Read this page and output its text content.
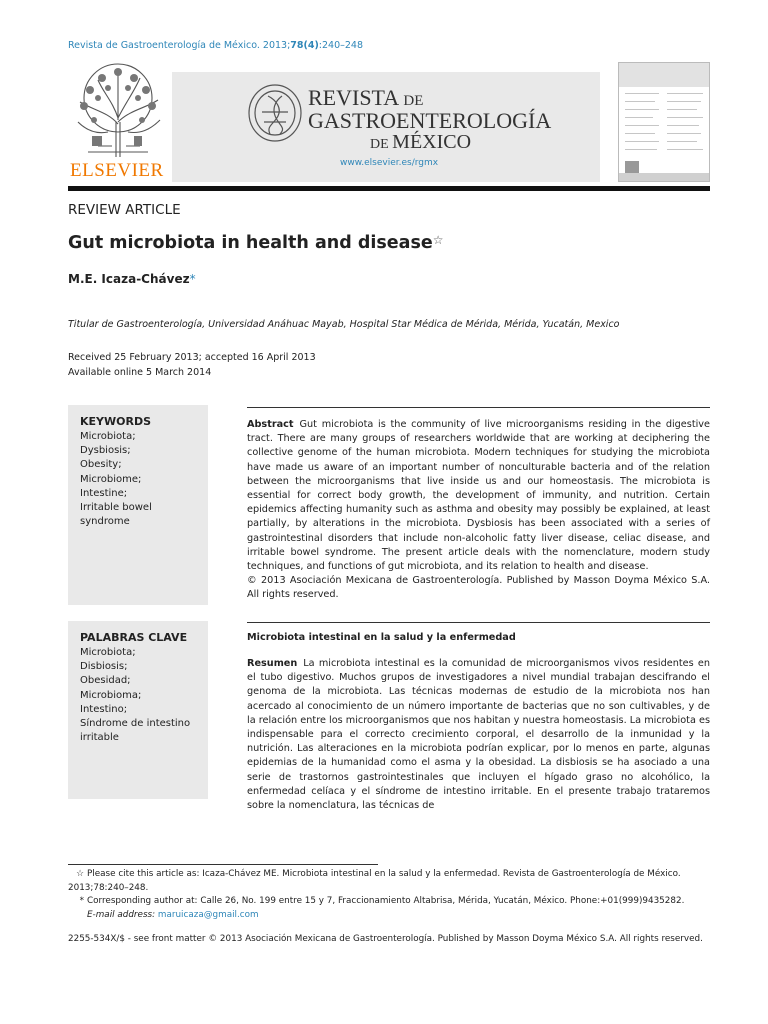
Revista de Gastroenterología de México. 2013;78(4):240–248
ELSEVIER
REVISTA DE
GASTROENTEROLOGÍA
DE MÉXICO
www.elsevier.es/rgmx
REVIEW ARTICLE
Gut microbiota in health and disease☆
M.E. Icaza-Chávez*
Titular de Gastroenterología, Universidad Anáhuac Mayab, Hospital Star Médica de Mérida, Mérida, Yucatán, Mexico
Received 25 February 2013; accepted 16 April 2013
Available online 5 March 2014
KEYWORDS
Microbiota;
Dysbiosis;
Obesity;
Microbiome;
Intestine;
Irritable bowel
syndrome
Abstract Gut microbiota is the community of live microorganisms residing in the digestive tract. There are many groups of researchers worldwide that are working at deciphering the collective genome of the human microbiota. Modern techniques for studying the microbiota have made us aware of an important number of nonculturable bacteria and of the relation between the microorganisms that live inside us and our homeostasis. The microbiota is essential for correct body growth, the development of immunity, and nutrition. Certain epidemics affecting humanity such as asthma and obesity may possibly be explained, at least partially, by alterations in the microbiota. Dysbiosis has been associated with a series of gastrointestinal disorders that include non-alcoholic fatty liver disease, celiac disease, and irritable bowel syndrome. The present article deals with the nomenclature, modern study techniques, and functions of gut microbiota, and its relation to health and disease.
© 2013 Asociación Mexicana de Gastroenterología. Published by Masson Doyma México S.A. All rights reserved.
PALABRAS CLAVE
Microbiota;
Disbiosis;
Obesidad;
Microbioma;
Intestino;
Síndrome de intestino
irritable
Microbiota intestinal en la salud y la enfermedad
Resumen La microbiota intestinal es la comunidad de microorganismos vivos residentes en el tubo digestivo. Muchos grupos de investigadores a nivel mundial trabajan descifrando el genoma de la microbiota. Las técnicas modernas de estudio de la microbiota nos han acercado al conocimiento de un número importante de bacterias que no son cultivables, y de la relación entre los microorganismos que nos habitan y nuestra homeostasis. La microbiota es indispensable para el correcto crecimiento corporal, el desarrollo de la inmunidad y la nutrición. Las alteraciones en la microbiota podrían explicar, por lo menos en parte, algunas epidemias de la humanidad como el asma y la obesidad. La disbiosis se ha asociado a una serie de trastornos gastrointestinales que incluyen el hígado graso no alcohólico, la enfermedad celíaca y el síndrome de intestino irritable. En el presente trabajo trataremos sobre la nomenclatura, las técnicas de
☆ Please cite this article as: Icaza-Chávez ME. Microbiota intestinal en la salud y la enfermedad. Revista de Gastroenterología de México. 2013;78:240–248.
* Corresponding author at: Calle 26, No. 199 entre 15 y 7, Fraccionamiento Altabrisa, Mérida, Yucatán, México. Phone:+01(999)9435282.
E-mail address: maruicaza@gmail.com
2255-534X/$ - see front matter © 2013 Asociación Mexicana de Gastroenterología. Published by Masson Doyma México S.A. All rights reserved.
